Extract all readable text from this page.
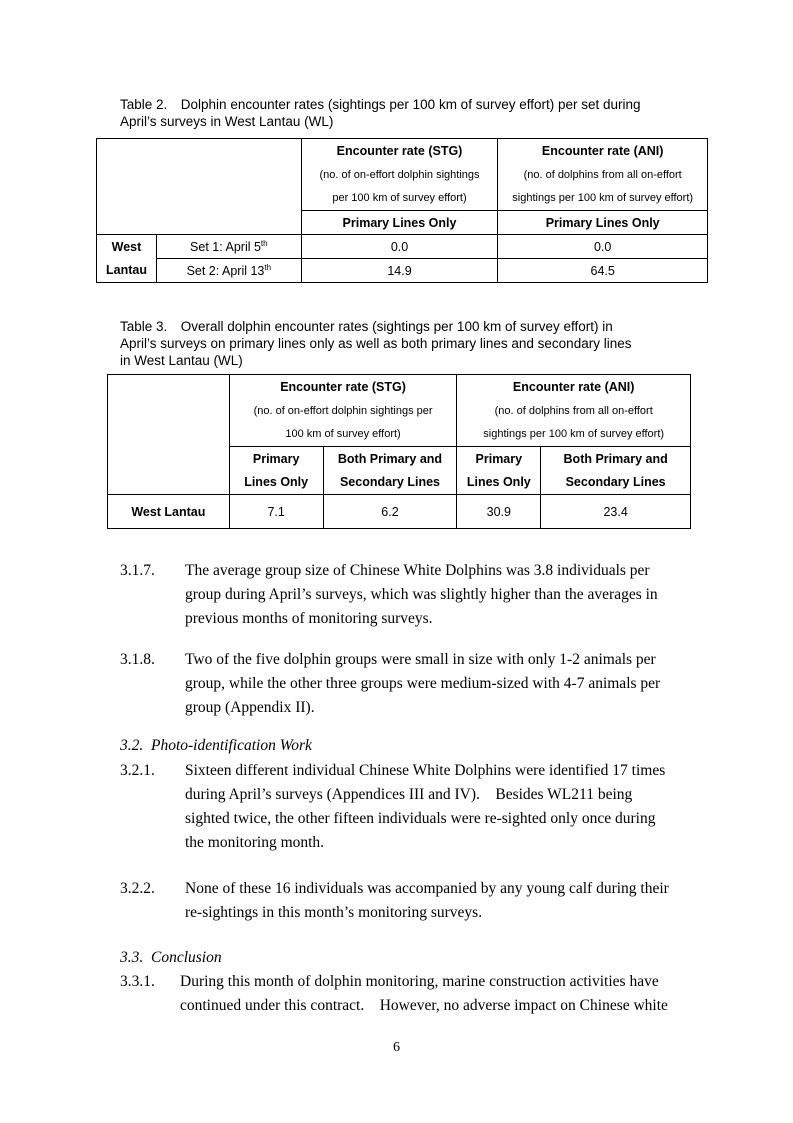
Table 2. Dolphin encounter rates (sightings per 100 km of survey effort) per set during
April’s surveys in West Lantau (WL)
		Encounter rate (STG)	Encounter rate (ANI)
		(no. of on-effort dolphin sightings	(no. of dolphins from all on-effort
		per 100 km of survey effort)	sightings per 100 km of survey effort)
		Primary Lines Only	Primary Lines Only
West	Set 1: April 5th	0.0	0.0
Lantau	Set 2: April 13th	14.9	64.5
Table 3. Overall dolphin encounter rates (sightings per 100 km of survey effort) in
April’s surveys on primary lines only as well as both primary lines and secondary lines
in West Lantau (WL)
	Encounter rate (STG)		Encounter rate (ANI)	
	(no. of on-effort dolphin sightings per		(no. of dolphins from all on-effort	
	100 km of survey effort)		sightings per 100 km of survey effort)	
	Primary	Both Primary and	Primary	Both Primary and
	Lines Only	Secondary Lines	Lines Only	Secondary Lines
West Lantau	7.1	6.2	30.9	23.4
3.1.7. The average group size of Chinese White Dolphins was 3.8 individuals per
group during April’s surveys, which was slightly higher than the averages in
previous months of monitoring surveys.
3.1.8. Two of the five dolphin groups were small in size with only 1-2 animals per
group, while the other three groups were medium-sized with 4-7 animals per
group (Appendix II).
3.2. Photo-identification Work
3.2.1. Sixteen different individual Chinese White Dolphins were identified 17 times
during April’s surveys (Appendices III and IV). Besides WL211 being
sighted twice, the other fifteen individuals were re-sighted only once during
the monitoring month.
3.2.2. None of these 16 individuals was accompanied by any young calf during their
re-sightings in this month’s monitoring surveys.
3.3. Conclusion
3.3.1. During this month of dolphin monitoring, marine construction activities have
continued under this contract. However, no adverse impact on Chinese white
6
